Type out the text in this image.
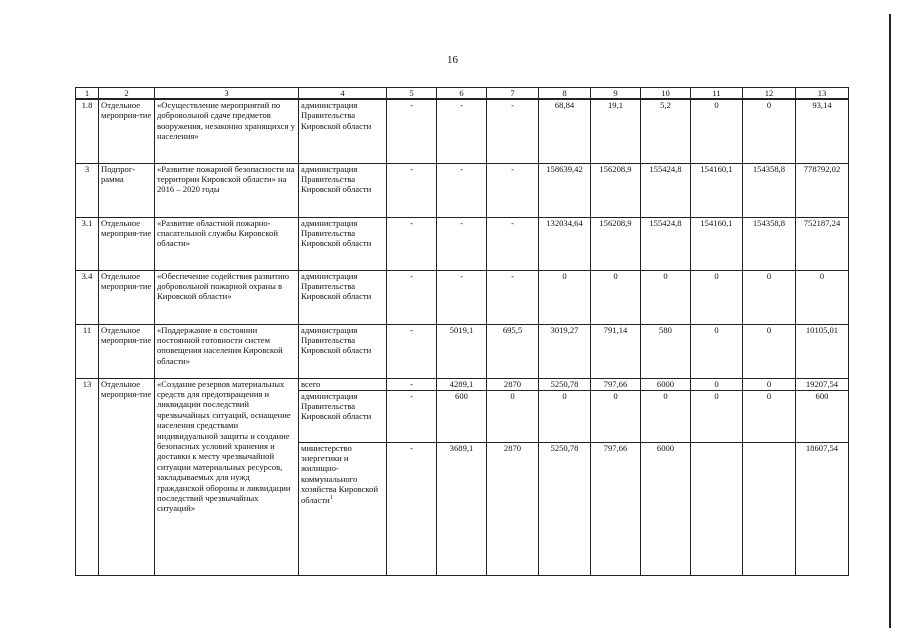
16
1	2	3	4	5	6	7	8	9	10	11	12	13
1.8	Отдельное мероприя-тие	«Осуществление мероприятий по добровольной сдаче предметов вооружения, незаконно хранящихся у населения»	администрация Правительства Кировской области	-	-	-	68,84	19,1	5,2	0	0	93,14
3	Подпрог-рамма	«Развитие пожарной безопасности на территории Кировской области» на 2016 – 2020 годы	администрация Правительства Кировской области	-	-	-	158639,42	156208,9	155424,8	154160,1	154358,8	778792,02
3.1	Отдельное мероприя-тие	«Развитие областной пожарно-спасательной службы Кировской области»	администрация Правительства Кировской области	-	-	-	132034,64	156208,9	155424,8	154160,1	154358,8	752187,24
3.4	Отдельное мероприя-тие	«Обеспечение содействия развитию добровольной пожарной охраны в Кировской области»	администрация Правительства Кировской области	-	-	-	0	0	0	0	0	0
11	Отдельное мероприя-тие	«Поддержание в состоянии постоянной готовности систем оповещения населения Кировской области»	администрация Правительства Кировской области	-	5019,1	695,5	3019,27	791,14	580	0	0	10105,01
13	Отдельное мероприя-тие	«Создание резервов материальных средств для предотвращения и ликвидации последствий чрезвычайных ситуаций, оснащение населения средствами индивидуальной защиты и создание безопасных условий хранения и доставки к месту чрезвычайной ситуации материальных ресурсов, закладываемых для нужд гражданской обороны и ликвидации последствий чрезвычайных ситуаций»	всего	-	4289,1	2870	5250,78	797,66	6000	0	0	19207,54
			администрация Правительства Кировской области	-	600	0	0	0	0	0	0	600
			министерство энергетики и жилищно-коммунального хозяйства Кировской области$^1$	-	3689,1	2870	5250,78	797,66	6000			18607,54
